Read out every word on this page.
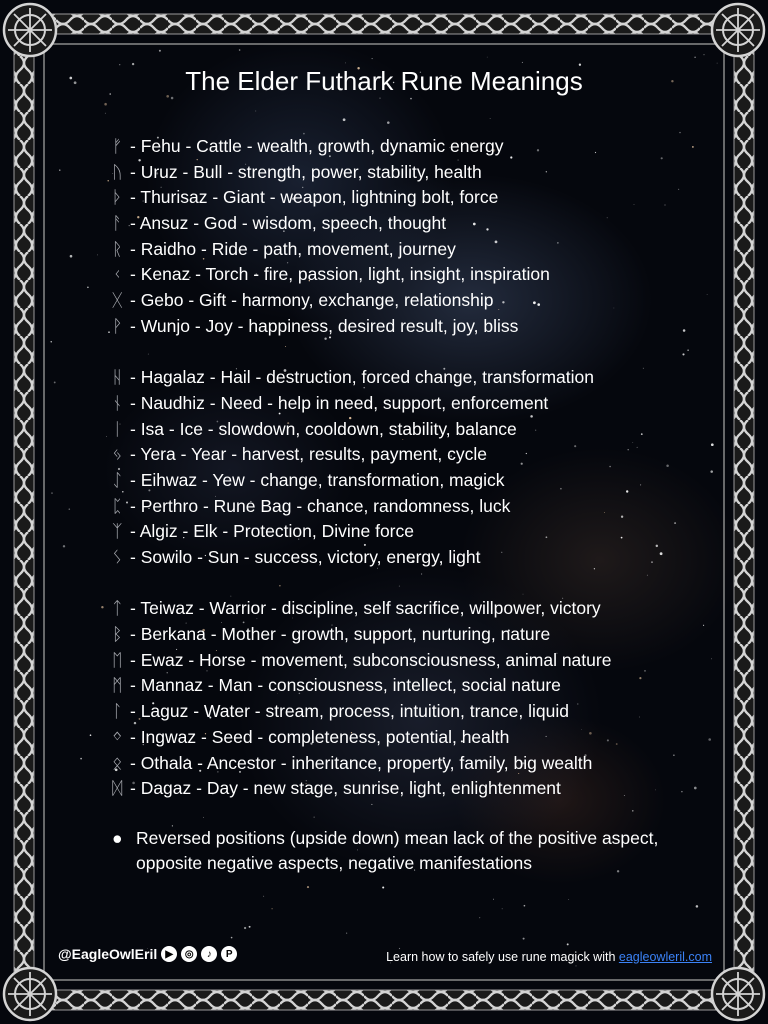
The Elder Futhark Rune Meanings
ᚠ - Fehu - Cattle - wealth, growth, dynamic energy
ᚢ - Uruz - Bull - strength, power, stability, health
ᚦ - Thurisaz - Giant - weapon, lightning bolt, force
ᚨ - Ansuz - God - wisdom, speech, thought
ᚱ - Raidho - Ride - path, movement, journey
ᚲ - Kenaz - Torch - fire, passion, light, insight, inspiration
ᚷ - Gebo - Gift - harmony, exchange, relationship
ᚹ - Wunjo - Joy - happiness, desired result, joy, bliss
ᚺ - Hagalaz - Hail - destruction, forced change, transformation
ᚾ - Naudhiz - Need - help in need, support, enforcement
ᛁ - Isa - Ice - slowdown, cooldown, stability, balance
ᛃ - Yera - Year - harvest, results, payment, cycle
ᛇ - Eihwaz - Yew - change, transformation, magick
ᛈ - Perthro - Rune Bag - chance, randomness, luck
ᛉ - Algiz - Elk - Protection, Divine force
ᛊ - Sowilo - Sun - success, victory, energy, light
ᛏ - Teiwaz - Warrior - discipline, self sacrifice, willpower, victory
ᛒ - Berkana - Mother - growth, support, nurturing, nature
ᛖ - Ewaz - Horse - movement, subconsciousness, animal nature
ᛗ - Mannaz - Man - consciousness, intellect, social nature
ᛚ - Laguz - Water - stream, process, intuition, trance, liquid
ᛜ - Ingwaz - Seed - completeness, potential, health
ᛟ - Othala - Ancestor - inheritance, property, family, big wealth
ᛞ - Dagaz - Day - new stage, sunrise, light, enlightenment
● Reversed positions (upside down) mean lack of the positive aspect, opposite negative aspects, negative manifestations
@EagleOwlEril ▶	◎	♪	P	Learn how to safely use rune magick with eagleowleril.com
